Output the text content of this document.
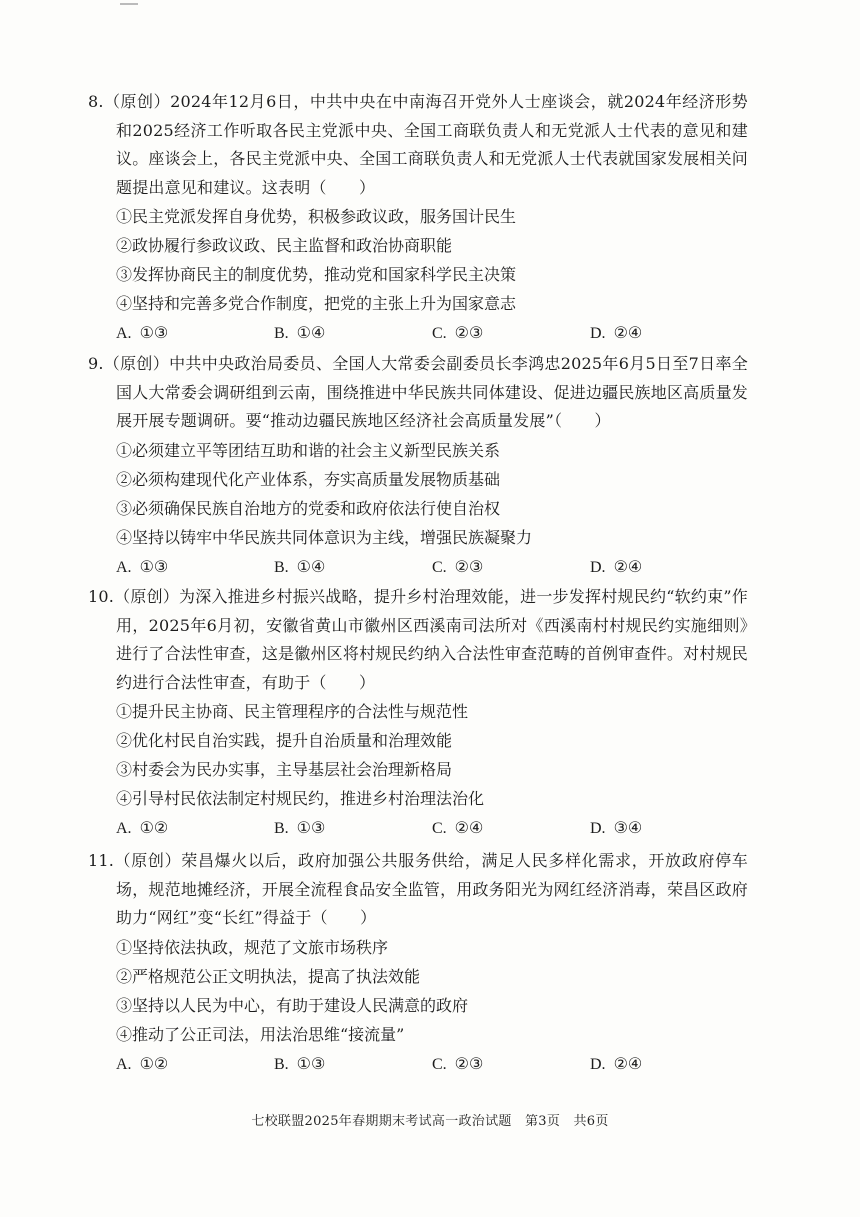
8.（原创）2024年12月6日，中共中央在中南海召开党外人士座谈会，就2024年经济形势和2025经济工作听取各民主党派中央、全国工商联负责人和无党派人士代表的意见和建议。座谈会上，各民主党派中央、全国工商联负责人和无党派人士代表就国家发展相关问题提出意见和建议。这表明（　　）
①民主党派发挥自身优势，积极参政议政，服务国计民生
②政协履行参政议政、民主监督和政治协商职能
③发挥协商民主的制度优势，推动党和国家科学民主决策
④坚持和完善多党合作制度，把党的主张上升为国家意志
A. ①③	B. ①④	C. ②③	D. ②④
9.（原创）中共中央政治局委员、全国人大常委会副委员长李鸿忠2025年6月5日至7日率全国人大常委会调研组到云南，围绕推进中华民族共同体建设、促进边疆民族地区高质量发展开展专题调研。要“推动边疆民族地区经济社会高质量发展”（　　）
①必须建立平等团结互助和谐的社会主义新型民族关系
②必须构建现代化产业体系，夯实高质量发展物质基础
③必须确保民族自治地方的党委和政府依法行使自治权
④坚持以铸牢中华民族共同体意识为主线，增强民族凝聚力
A. ①③	B. ①④	C. ②③	D. ②④
10.（原创）为深入推进乡村振兴战略，提升乡村治理效能，进一步发挥村规民约“软约束”作用，2025年6月初，安徽省黄山市徽州区西溪南司法所对《西溪南村村规民约实施细则》进行了合法性审查，这是徽州区将村规民约纳入合法性审查范畴的首例审查件。对村规民约进行合法性审查，有助于（　　）
①提升民主协商、民主管理程序的合法性与规范性
②优化村民自治实践，提升自治质量和治理效能
③村委会为民办实事，主导基层社会治理新格局
④引导村民依法制定村规民约，推进乡村治理法治化
A. ①②	B. ①③	C. ②④	D. ③④
11.（原创）荣昌爆火以后，政府加强公共服务供给，满足人民多样化需求，开放政府停车场，规范地摊经济，开展全流程食品安全监管，用政务阳光为网红经济消毒，荣昌区政府助力“网红”变“长红”得益于（　　）
①坚持依法执政，规范了文旅市场秩序
②严格规范公正文明执法，提高了执法效能
③坚持以人民为中心，有助于建设人民满意的政府
④推动了公正司法，用法治思维“接流量”
A. ①②	B. ①③	C. ②③	D. ②④
七校联盟2025年春期期末考试高一政治试题　第3页　共6页
